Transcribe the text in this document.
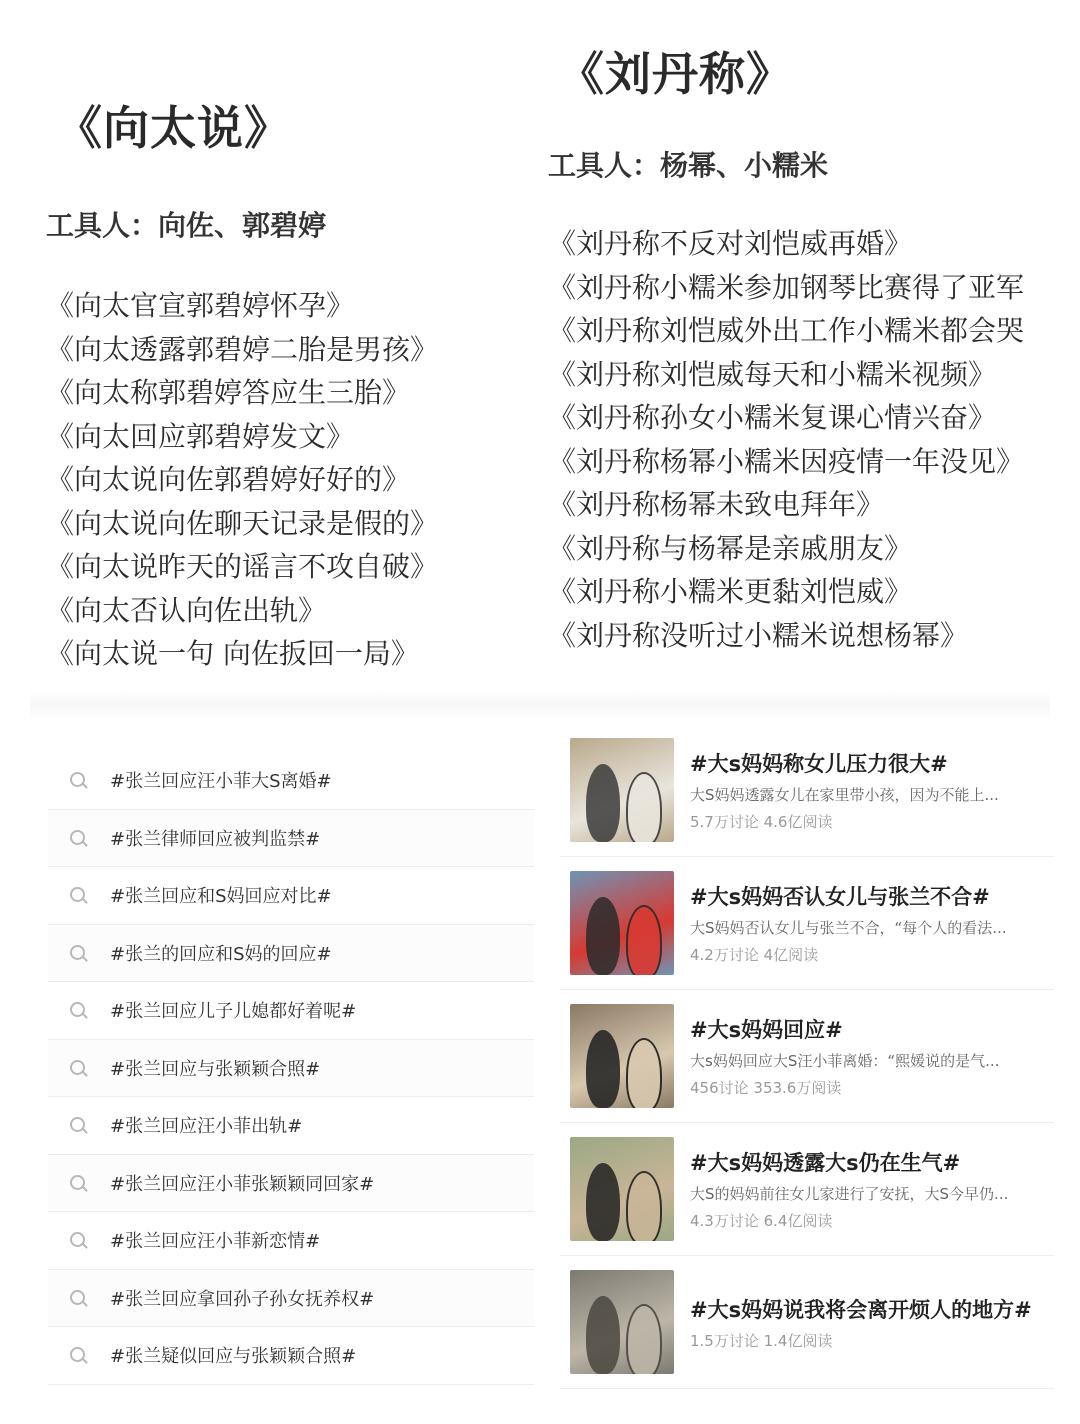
《向太说》
工具人：向佐、郭碧婷
《向太官宣郭碧婷怀孕》
《向太透露郭碧婷二胎是男孩》
《向太称郭碧婷答应生三胎》
《向太回应郭碧婷发文》
《向太说向佐郭碧婷好好的》
《向太说向佐聊天记录是假的》
《向太说昨天的谣言不攻自破》
《向太否认向佐出轨》
《向太说一句 向佐扳回一局》
《刘丹称》
工具人：杨幂、小糯米
《刘丹称不反对刘恺威再婚》
《刘丹称小糯米参加钢琴比赛得了亚军
《刘丹称刘恺威外出工作小糯米都会哭
《刘丹称刘恺威每天和小糯米视频》
《刘丹称孙女小糯米复课心情兴奋》
《刘丹称杨幂小糯米因疫情一年没见》
《刘丹称杨幂未致电拜年》
《刘丹称与杨幂是亲戚朋友》
《刘丹称小糯米更黏刘恺威》
《刘丹称没听过小糯米说想杨幂》
#张兰回应汪小菲大S离婚#
#张兰律师回应被判监禁#
#张兰回应和S妈回应对比#
#张兰的回应和S妈的回应#
#张兰回应儿子儿媳都好着呢#
#张兰回应与张颖颖合照#
#张兰回应汪小菲出轨#
#张兰回应汪小菲张颖颖同回家#
#张兰回应汪小菲新恋情#
#张兰回应拿回孙子孙女抚养权#
#张兰疑似回应与张颖颖合照#
#大s妈妈称女儿压力很大#
大S妈妈透露女儿在家里带小孩，因为不能上...
5.7万讨论 4.6亿阅读
#大s妈妈否认女儿与张兰不合#
大S妈妈否认女儿与张兰不合，“每个人的看法...
4.2万讨论 4亿阅读
#大s妈妈回应#
大s妈妈回应大S汪小菲离婚：“熙媛说的是气...
456讨论 353.6万阅读
#大s妈妈透露大s仍在生气#
大S的妈妈前往女儿家进行了安抚，大S今早仍...
4.3万讨论 6.4亿阅读
#大s妈妈说我将会离开烦人的地方#
1.5万讨论 1.4亿阅读
